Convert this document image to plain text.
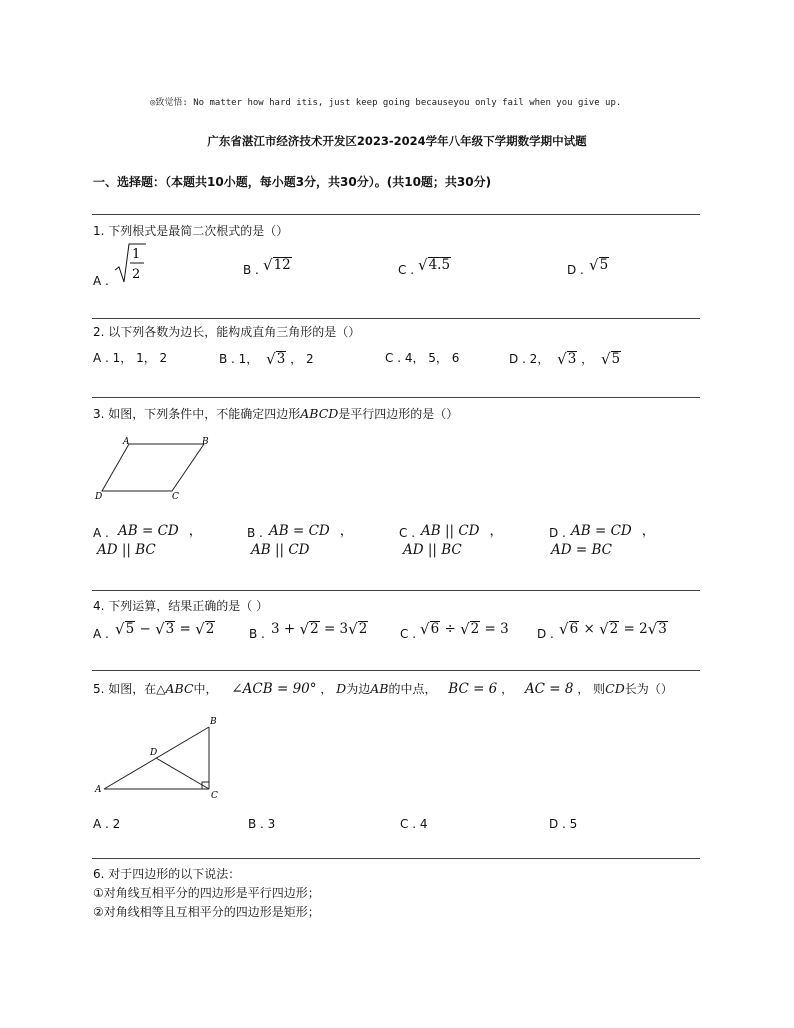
◎致觉悟: No matter how hard itis, just keep going becauseyou only fail when you give up.
广东省湛江市经济技术开发区2023-2024学年八年级下学期数学期中试题
一、选择题：（本题共10小题，每小题3分，共30分）。(共10题；共30分)
1. 下列根式是最简二次根式的是（）
A .
1
2	B . √12	C . √4.5	D . √5
2. 以下列各数为边长，能构成直角三角形的是（）
A . 1， 1， 2	B . 1， √3 ， 2	C . 4， 5， 6	D . 2， √3 ， √5
3. 如图，下列条件中，不能确定四边形ABCD是平行四边形的是（）
A	B
C
D
A . AB = CD ，
AD || BC
B . AB = CD ，
AB || CD
C . AB || CD ，
AD || BC
D . AB = CD ，
AD = BC
4. 下列运算，结果正确的是（ ）
A . √5 − √3 = √2	B . 3 + √2 = 3√2	C . √6 ÷ √2 = 3 D . √6 × √2 = 2√3
5. 如图，在△ABC中， ∠ACB = 90° ， D为边AB的中点， BC = 6 ， AC = 8 ， 则CD长为（）
A
B
C
D
A . 2	B . 3	C . 4	D . 5
6. 对于四边形的以下说法：
①对角线互相平分的四边形是平行四边形；
②对角线相等且互相平分的四边形是矩形；
